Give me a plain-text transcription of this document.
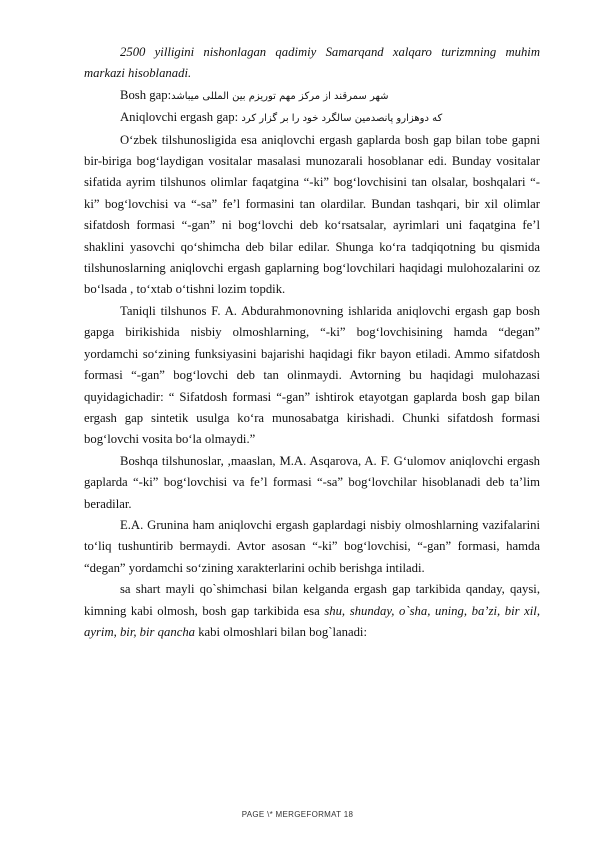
2500 yilligini nishonlagan qadimiy Samarqand xalqaro turizmning muhim markazi hisoblanadi.

Bosh gap:شهر سمرقند از مرکز مهم توریزم بین المللی میباشد

Aniqlovchi ergash gap: که دوهزارو پانصدمین سالگرد خود را بر گزار کرد

O‘zbek tilshunosligida esa aniqlovchi ergash gaplarda bosh gap bilan tobe gapni bir-biriga bog‘laydigan vositalar masalasi munozarali hosoblanar edi. Bunday vositalar sifatida ayrim tilshunos olimlar faqatgina “-ki” bog‘lovchisini tan olsalar, boshqalari “-ki” bog‘lovchisi va “-sa” fe’l formasini tan olardilar. Bundan tashqari, bir xil olimlar sifatdosh formasi “-gan” ni bog‘lovchi deb ko‘rsatsalar, ayrimlari uni faqatgina fe’l shaklini yasovchi qo‘shimcha deb bilar edilar. Shunga ko‘ra tadqiqotning bu qismida tilshunoslarning aniqlovchi ergash gaplarning bog‘lovchilari haqidagi mulohozalarini oz bo‘lsada , to‘xtab o‘tishni lozim topdik.

Taniqli tilshunos F. A. Abdurahmonovning ishlarida aniqlovchi ergash gap bosh gapga birikishida nisbiy olmoshlarning, “-ki” bog‘lovchisining hamda “degan” yordamchi so‘zining funksiyasini bajarishi haqidagi fikr bayon etiladi. Ammo sifatdosh formasi “-gan” bog‘lovchi deb tan olinmaydi. Avtorning bu haqidagi mulohazasi quyidagichadir: “ Sifatdosh formasi “-gan” ishtirok etayotgan gaplarda bosh gap bilan ergash gap sintetik usulga ko‘ra munosabatga kirishadi. Chunki sifatdosh formasi bog‘lovchi vosita bo‘la olmaydi.”

Boshqa tilshunoslar, ,maaslan, M.A. Asqarova, A. F. G‘ulomov aniqlovchi ergash gaplarda “-ki” bog‘lovchisi va fe’l formasi “-sa” bog‘lovchilar hisoblanadi deb ta’lim beradilar.

E.A. Grunina ham aniqlovchi ergash gaplardagi nisbiy olmoshlarning vazifalarini to‘liq tushuntirib bermaydi. Avtor asosan “-ki” bog‘lovchisi, “-gan” formasi, hamda “degan” yordamchi so‘zining xarakterlarini ochib berishga intiladi.

sa shart mayli qo`shimchasi bilan kelganda ergash gap tarkibida qanday, qaysi, kimning kabi olmosh, bosh gap tarkibida esa shu, shunday, o`sha, uning, ba’zi, bir xil, ayrim, bir, bir qancha kabi olmoshlari bilan bog`lanadi:

PAGE \* MERGEFORMAT 18
